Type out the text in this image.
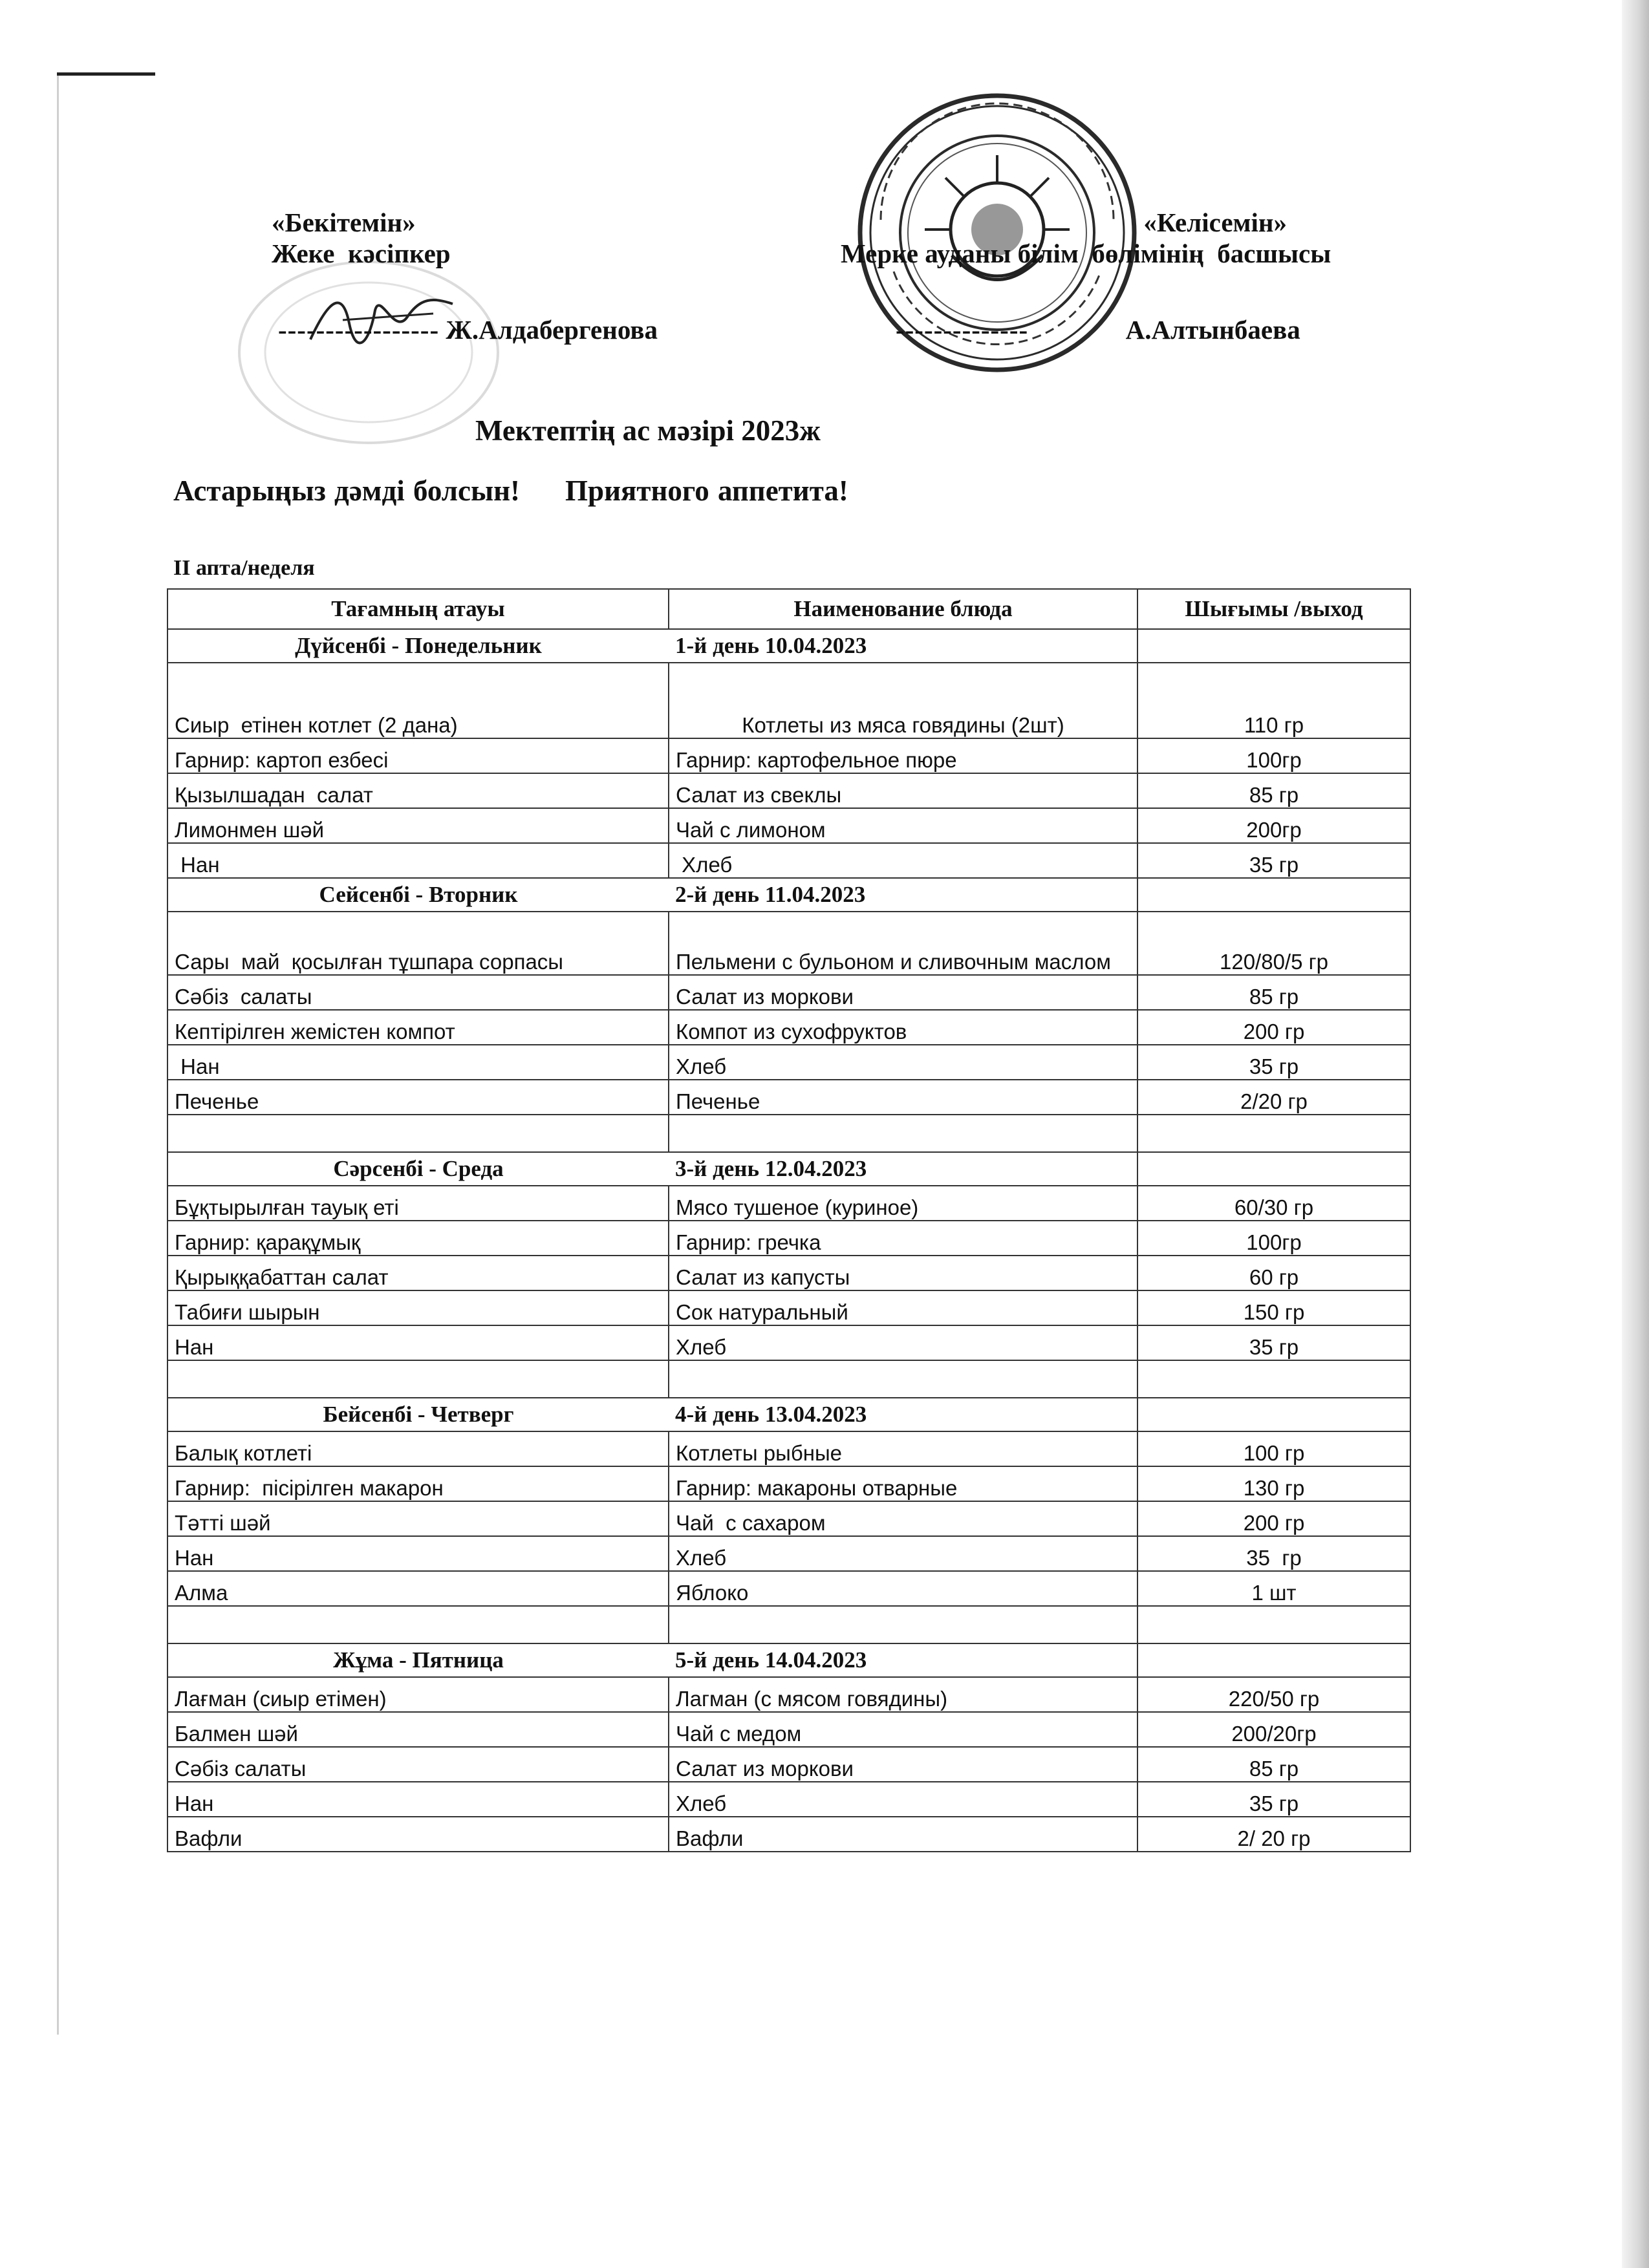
«Бекітемін»
Жеке  кәсіпкер
«Келісемін»
Мерке ауданы білім  бөлімінің  басшысы
----------------- Ж.Алдабергенова	--------------	А.Алтынбаева
Мектептің ас мәзірі 2023ж
Астарыңыз дәмді болсын! Приятного аппетита!
II апта/неделя
Тағамның атауы	Наименование блюда	Шығымы /выход
Дүйсенбі - Понедельник	1-й день 10.04.2023	
Сиыр  етінен котлет (2 дана)	Котлеты из мяса говядины (2шт)	110 гр
Гарнир: картоп езбесі	Гарнир: картофельное пюре	100гр
Қызылшадан  салат	Салат из свеклы	85 гр
Лимонмен шәй	Чай с лимоном	200гр
Нан	Хлеб	35 гр
Сейсенбі - Вторник	2-й день 11.04.2023	
Сары  май  қосылған тұшпара сорпасы	Пельмени с бульоном и сливочным маслом	120/80/5 гр
Сәбіз  салаты	Салат из моркови	85 гр
Кептірілген жемістен компот	Компот из сухофруктов	200 гр
Нан	Хлеб	35 гр
Печенье	Печенье	2/20 гр

Сәрсенбі - Среда	3-й день 12.04.2023	
Бұқтырылған тауық еті	Мясо тушеное (куриное)	60/30 гр
Гарнир: қарақұмық	Гарнир: гречка	100гр
Қырыққабаттан салат	Салат из капусты	60 гр
Табиғи шырын	Сок натуральный	150 гр
Нан	Хлеб	35 гр

Бейсенбі - Четверг	4-й день 13.04.2023	
Балық котлеті	Котлеты рыбные	100 гр
Гарнир:  пісірілген макарон	Гарнир: макароны отварные	130 гр
Тәтті шәй	Чай  с сахаром	200 гр
Нан	Хлеб	35  гр
Алма	Яблоко	1 шт

Жұма - Пятница	5-й день 14.04.2023	
Лағман (сиыр етімен)	Лагман (с мясом говядины)	220/50 гр
Балмен шәй	Чай с медом	200/20гр
Сәбіз салаты	Салат из моркови	85 гр
Нан	Хлеб	35 гр
Вафли	Вафли	2/ 20 гр
